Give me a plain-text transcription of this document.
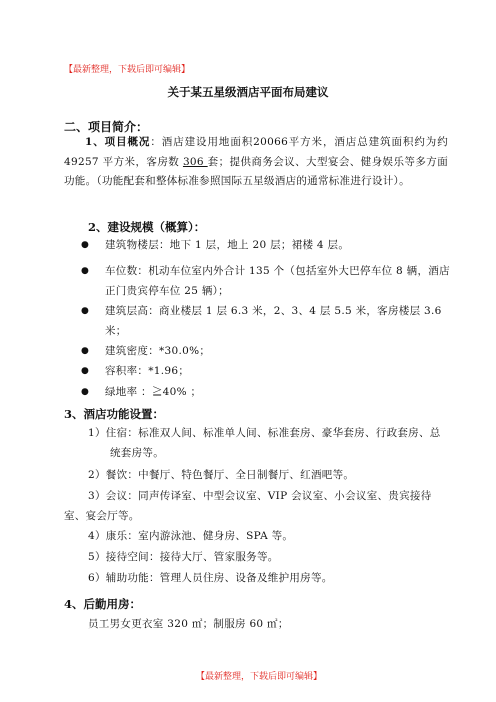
【最新整理，下载后即可编辑】
关于某五星级酒店平面布局建议
二、项目简介：
1、项目概况：酒店建设用地面积20066平方米，酒店总建筑面积约为约 49257 平方米，客房数 306 套；提供商务会议、大型宴会、健身娱乐等多方面功能。（功能配套和整体标准参照国际五星级酒店的通常标准进行设计）。
2、建设规模（概算）：
●	建筑物楼层：地下 1 层，地上 20 层；裙楼 4 层。
●	车位数：机动车位室内外合计 135 个（包括室外大巴停车位 8 辆，酒店正门贵宾停车位 25 辆）；
●	建筑层高：商业楼层 1 层 6.3 米，2、3、4 层 5.5 米，客房楼层 3.6 米；
●	建筑密度：*30.0%；
●	容积率：*1.96；
●	绿地率 ：≧40% ；
3、酒店功能设置：
1）住宿：标准双人间、标准单人间、标准套房、豪华套房、行政套房、总统套房等。
2）餐饮：中餐厅、特色餐厅、全日制餐厅、红酒吧等。
3）会议：同声传译室、中型会议室、VIP 会议室、小会议室、贵宾接待室、宴会厅等。
4）康乐：室内游泳池、健身房、SPA 等。
5）接待空间：接待大厅、管家服务等。
6）辅助功能：管理人员住房、设备及维护用房等。
4、后勤用房：
员工男女更衣室 320 ㎡；制服房 60 ㎡；
【最新整理，下载后即可编辑】
